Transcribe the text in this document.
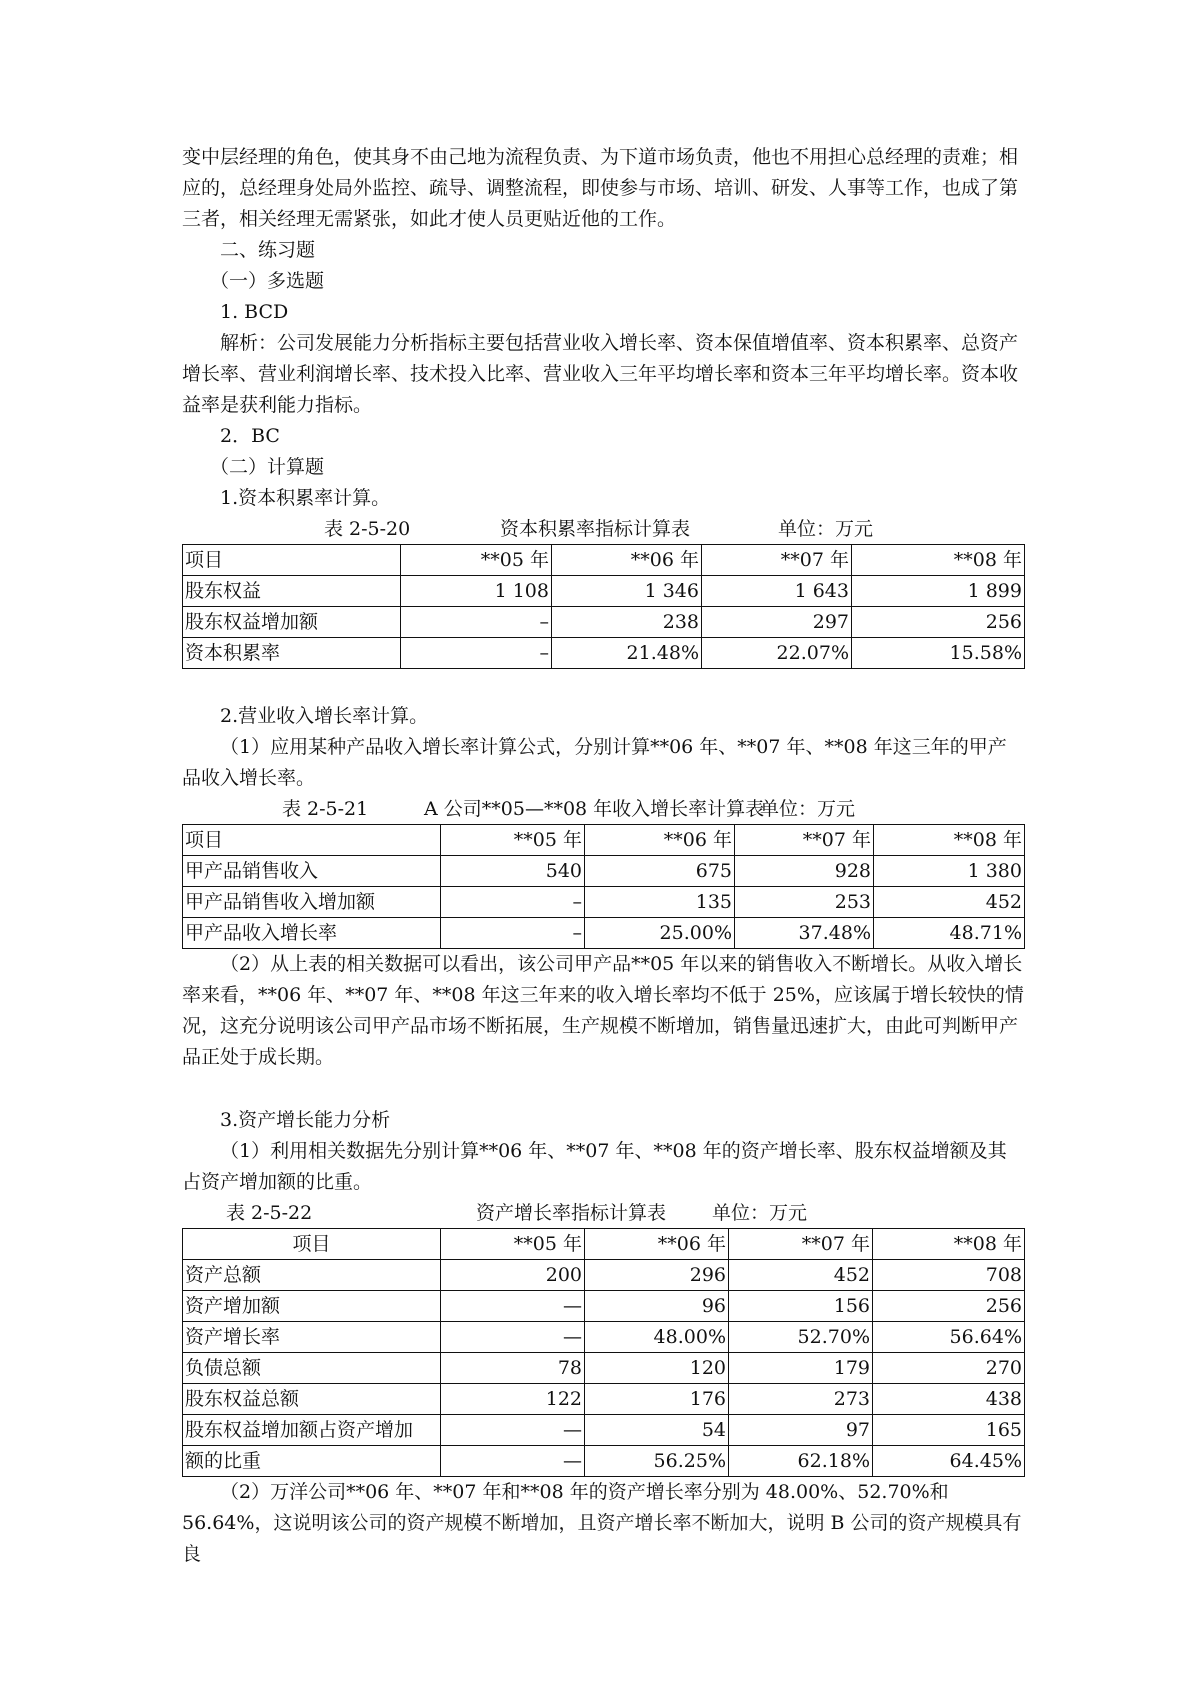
变中层经理的角色，使其身不由己地为流程负责、为下道市场负责，他也不用担心总经理的责难；相应的，总经理身处局外监控、疏导、调整流程，即使参与市场、培训、研发、人事等工作，也成了第三者，相关经理无需紧张，如此才使人员更贴近他的工作。

二、练习题

（一）多选题

1. BCD

解析：公司发展能力分析指标主要包括营业收入增长率、资本保值增值率、资本积累率、总资产增长率、营业利润增长率、技术投入比率、营业收入三年平均增长率和资本三年平均增长率。资本收益率是获利能力指标。

2．BC

（二）计算题

1.资本积累率计算。

表 2-5-20	资本积累率指标计算表	单位：万元
项目	**05 年	**06 年	**07 年	**08 年
股东权益	1 108	1 346	1 643	1 899
股东权益增加额	–	238	297	256
资本积累率	–	21.48%	22.07%	15.58%

2.营业收入增长率计算。

（1）应用某种产品收入增长率计算公式，分别计算**06 年、**07 年、**08 年这三年的甲产品收入增长率。

表 2-5-21	A 公司**05—**08 年收入增长率计算表
单位：万元
项目	**05 年	**06 年	**07 年	**08 年
甲产品销售收入	540	675	928	1 380
甲产品销售收入增加额	–	135	253	452
甲产品收入增长率	–	25.00%	37.48%	48.71%

（2）从上表的相关数据可以看出，该公司甲产品**05 年以来的销售收入不断增长。从收入增长率来看，**06 年、**07 年、**08 年这三年来的收入增长率均不低于 25%，应该属于增长较快的情况，这充分说明该公司甲产品市场不断拓展，生产规模不断增加，销售量迅速扩大，由此可判断甲产品正处于成长期。

3.资产增长能力分析

（1）利用相关数据先分别计算**06 年、**07 年、**08 年的资产增长率、股东权益增额及其占资产增加额的比重。

表 2-5-22	资产增长率指标计算表 单位：万元
项目	**05 年	**06 年	**07 年	**08 年
资产总额	200	296	452	708
资产增加额	—	96	156	256
资产增长率	—	48.00%	52.70%	56.64%
负债总额	78	120	179	270
股东权益总额	122	176	273	438
股东权益增加额占资产增加	—	54	97	165
额的比重	—	56.25%	62.18%	64.45%

（2）万洋公司**06 年、**07 年和**08 年的资产增长率分别为 48.00%、52.70%和 56.64%，这说明该公司的资产规模不断增加，且资产增长率不断加大，说明 B 公司的资产规模具有良
